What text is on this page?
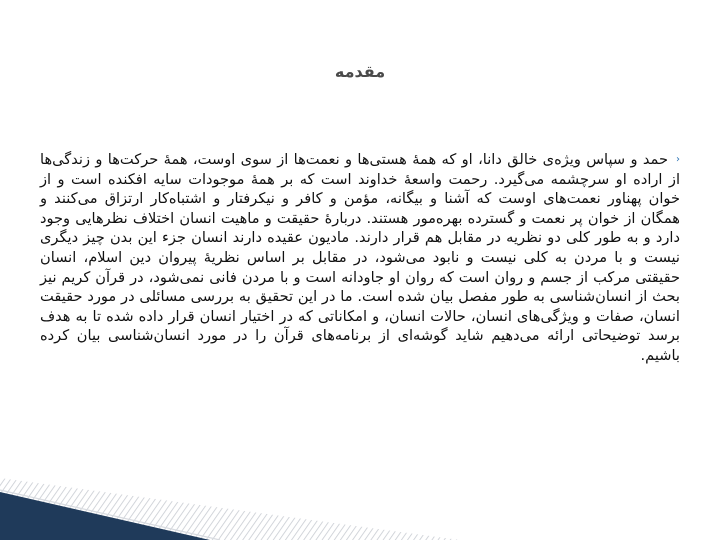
مقدمه

‹حمد و سپاس ویژه‌ی خالق دانا، او که همهٔ هستی‌ها و نعمت‌ها از سوی اوست، همهٔ حرکت‌ها و زندگی‌ها از اراده او سرچشمه می‌گیرد. رحمت واسعهٔ خداوند است که بر همهٔ موجودات سایه افکنده است و از خوان پهناور نعمت‌های اوست که آشنا و بیگانه، مؤمن و کافر و نیکرفتار و اشتباه‌کار ارتزاق می‌کنند و همگان از خوان پر نعمت و گسترده بهره‌مور هستند. دربارهٔ حقیقت و ماهیت انسان اختلاف نظرهایی وجود دارد و به طور کلی دو نظریه در مقابل هم قرار دارند. مادیون عقیده دارند انسان جزء این بدن چیز دیگری نیست و با مردن به کلی نیست و نابود می‌شود، در مقابل بر اساس نظریهٔ پیروان دین اسلام، انسان حقیقتی مرکب از جسم و روان است که روان او جاودانه است و با مردن فانی نمی‌شود، در قرآن کریم نیز بحث از انسان‌شناسی به طور مفصل بیان شده است. ما در این تحقیق به بررسی مسائلی در مورد حقیقت انسان، صفات و ویژگی‌های انسان، حالات انسان، و امکاناتی که در اختیار انسان قرار داده شده تا به هدف برسد توضیحاتی ارائه می‌دهیم شاید گوشه‌ای از برنامه‌های قرآن را در مورد انسان‌شناسی بیان کرده باشیم.
